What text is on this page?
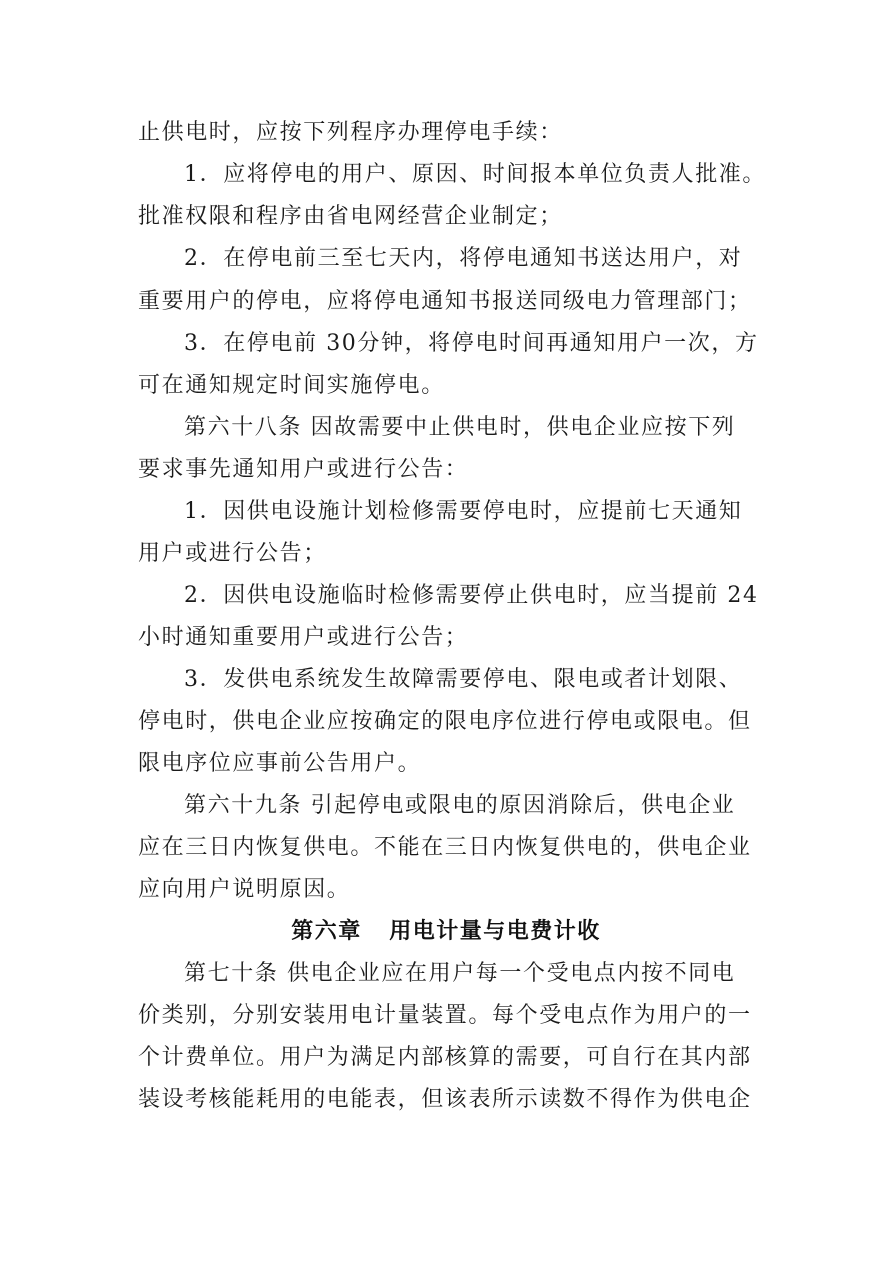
止供电时，应按下列程序办理停电手续：
1．应将停电的用户、原因、时间报本单位负责人批准。
批准权限和程序由省电网经营企业制定；
2．在停电前三至七天内，将停电通知书送达用户，对
重要用户的停电，应将停电通知书报送同级电力管理部门；
3．在停电前 30分钟，将停电时间再通知用户一次，方
可在通知规定时间实施停电。
第六十八条 因故需要中止供电时，供电企业应按下列
要求事先通知用户或进行公告：
1．因供电设施计划检修需要停电时，应提前七天通知
用户或进行公告；
2．因供电设施临时检修需要停止供电时，应当提前 24
小时通知重要用户或进行公告；
3．发供电系统发生故障需要停电、限电或者计划限、
停电时，供电企业应按确定的限电序位进行停电或限电。但
限电序位应事前公告用户。
第六十九条 引起停电或限电的原因消除后，供电企业
应在三日内恢复供电。不能在三日内恢复供电的，供电企业
应向用户说明原因。
第六章   用电计量与电费计收
第七十条 供电企业应在用户每一个受电点内按不同电
价类别，分别安装用电计量装置。每个受电点作为用户的一
个计费单位。用户为满足内部核算的需要，可自行在其内部
装设考核能耗用的电能表，但该表所示读数不得作为供电企
